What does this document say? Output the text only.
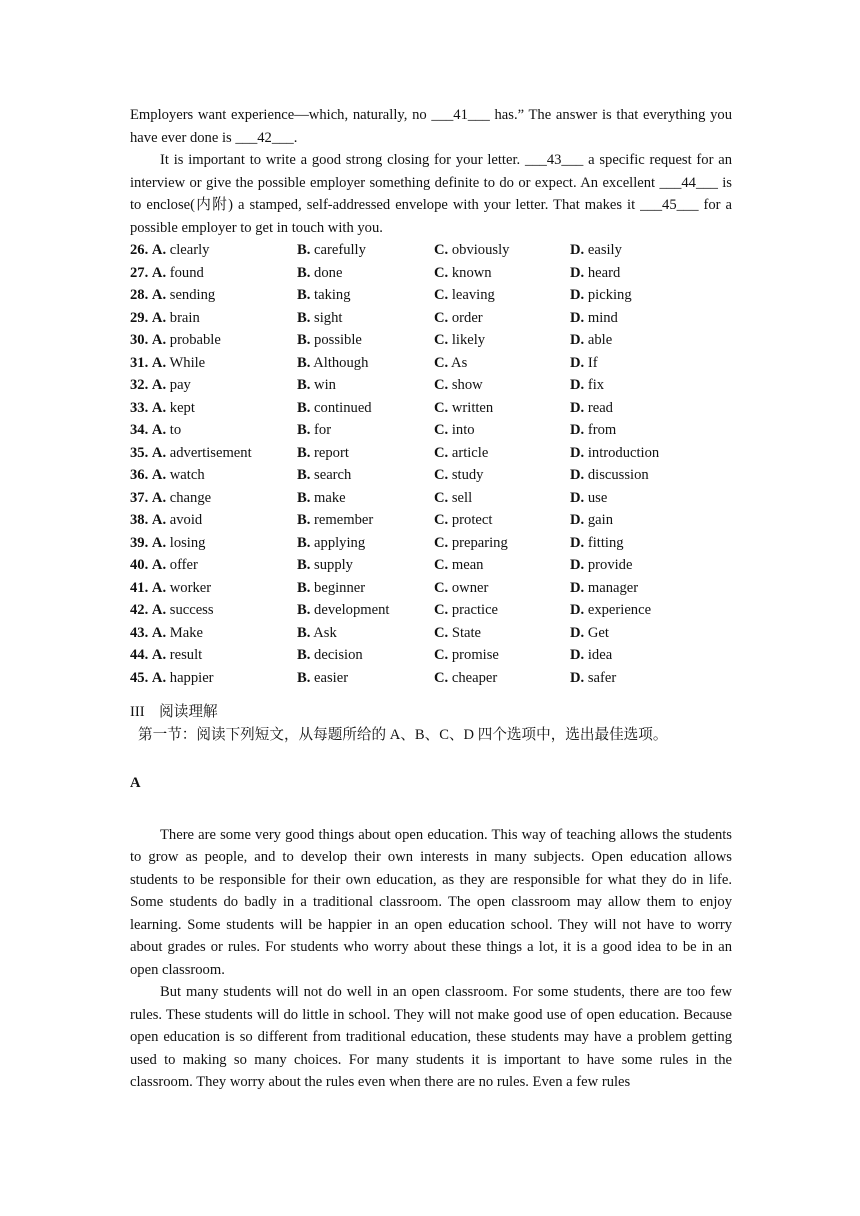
Employers want experience—which, naturally, no ___41___ has.” The answer is that everything you have ever done is ___42___.

It is important to write a good strong closing for your letter. ___43___ a specific request for an interview or give the possible employer something definite to do or expect. An excellent ___44___ is to enclose(内附) a stamped, self-addressed envelope with your letter. That makes it ___45___ for a possible employer to get in touch with you.

26. A. clearly	B. carefully	C. obviously	D. easily
27. A. found	B. done	C. known	D. heard
28. A. sending	B. taking	C. leaving	D. picking
29. A. brain	B. sight	C. order	D. mind
30. A. probable	B. possible	C. likely	D. able
31. A. While	B. Although	C. As	D. If
32. A. pay	B. win	C. show	D. fix
33. A. kept	B. continued	C. written	D. read
34. A. to	B. for	C. into	D. from
35. A. advertisement	B. report	C. article	D. introduction
36. A. watch	B. search	C. study	D. discussion
37. A. change	B. make	C. sell	D. use
38. A. avoid	B. remember	C. protect	D. gain
39. A. losing	B. applying	C. preparing	D. fitting
40. A. offer	B. supply	C. mean	D. provide
41. A. worker	B. beginner	C. owner	D. manager
42. A. success	B. development	C. practice	D. experience
43. A. Make	B. Ask	C. State	D. Get
44. A. result	B. decision	C. promise	D. idea
45. A. happier	B. easier	C. cheaper	D. safer
III　阅读理解
第一节：阅读下列短文，从每题所给的 A、B、C、D 四个选项中，选出最佳选项。
A

There are some very good things about open education. This way of teaching allows the students to grow as people, and to develop their own interests in many subjects. Open education allows students to be responsible for their own education, as they are responsible for what they do in life. Some students do badly in a traditional classroom. The open classroom may allow them to enjoy learning. Some students will be happier in an open education school. They will not have to worry about grades or rules. For students who worry about these things a lot, it is a good idea to be in an open classroom.

But many students will not do well in an open classroom. For some students, there are too few rules. These students will do little in school. They will not make good use of open education. Because open education is so different from traditional education, these students may have a problem getting used to making so many choices. For many students it is important to have some rules in the classroom. They worry about the rules even when there are no rules. Even a few rules
